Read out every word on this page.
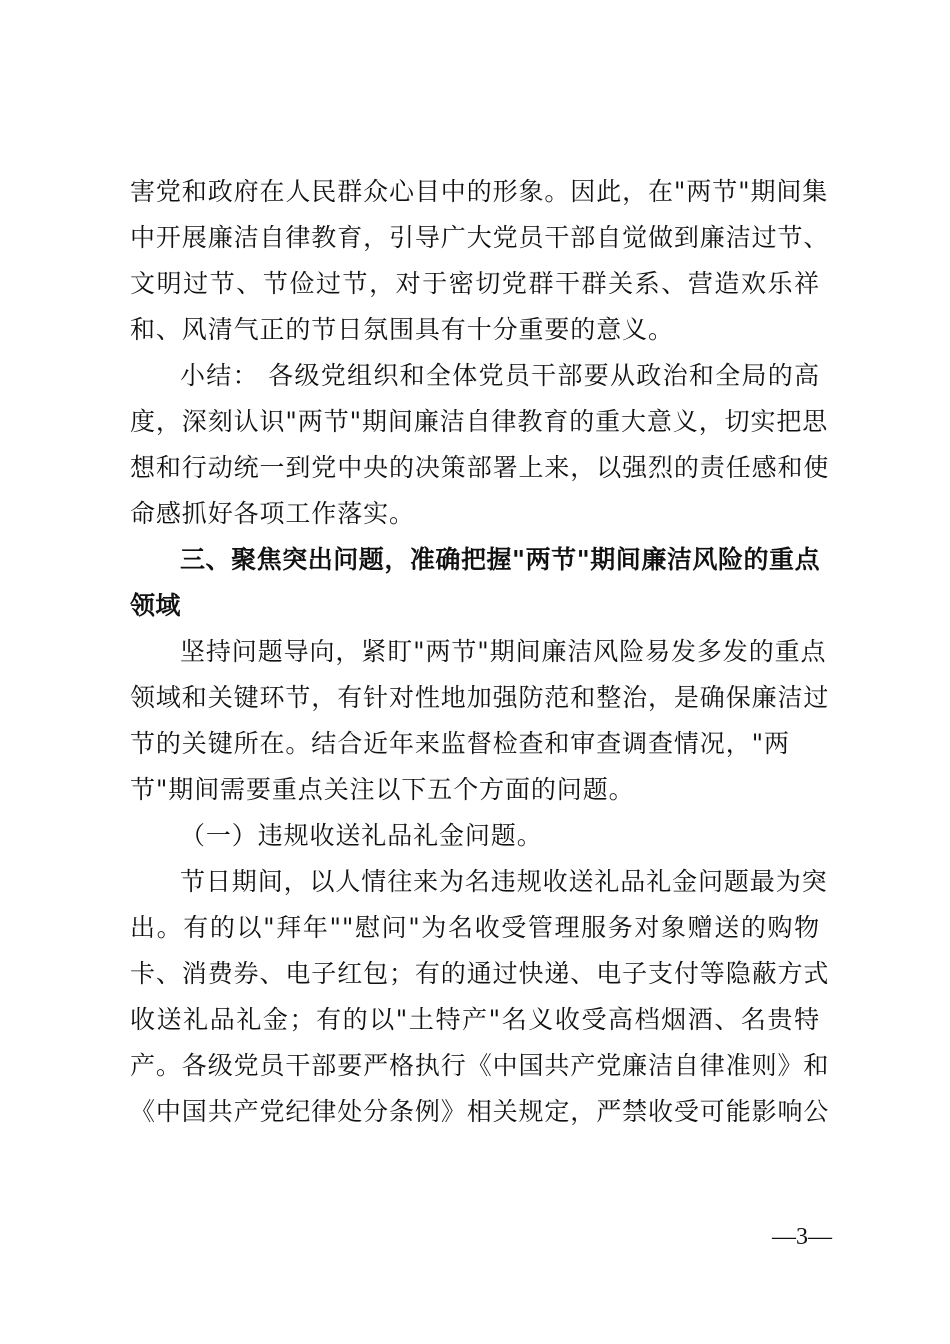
害党和政府在人民群众心目中的形象。因此，在"两节"期间集
中开展廉洁自律教育，引导广大党员干部自觉做到廉洁过节、
文明过节、节俭过节，对于密切党群干群关系、营造欢乐祥
和、风清气正的节日氛围具有十分重要的意义。
小结： 各级党组织和全体党员干部要从政治和全局的高
度，深刻认识"两节"期间廉洁自律教育的重大意义，切实把思
想和行动统一到党中央的决策部署上来，以强烈的责任感和使
命感抓好各项工作落实。
三、聚焦突出问题，准确把握"两节"期间廉洁风险的重点
领域
坚持问题导向，紧盯"两节"期间廉洁风险易发多发的重点
领域和关键环节，有针对性地加强防范和整治，是确保廉洁过
节的关键所在。结合近年来监督检查和审查调查情况，"两
节"期间需要重点关注以下五个方面的问题。
（一）违规收送礼品礼金问题。
节日期间，以人情往来为名违规收送礼品礼金问题最为突
出。有的以"拜年""慰问"为名收受管理服务对象赠送的购物
卡、消费券、电子红包；有的通过快递、电子支付等隐蔽方式
收送礼品礼金；有的以"土特产"名义收受高档烟酒、名贵特
产。各级党员干部要严格执行《中国共产党廉洁自律准则》和
《中国共产党纪律处分条例》相关规定，严禁收受可能影响公
—3—
